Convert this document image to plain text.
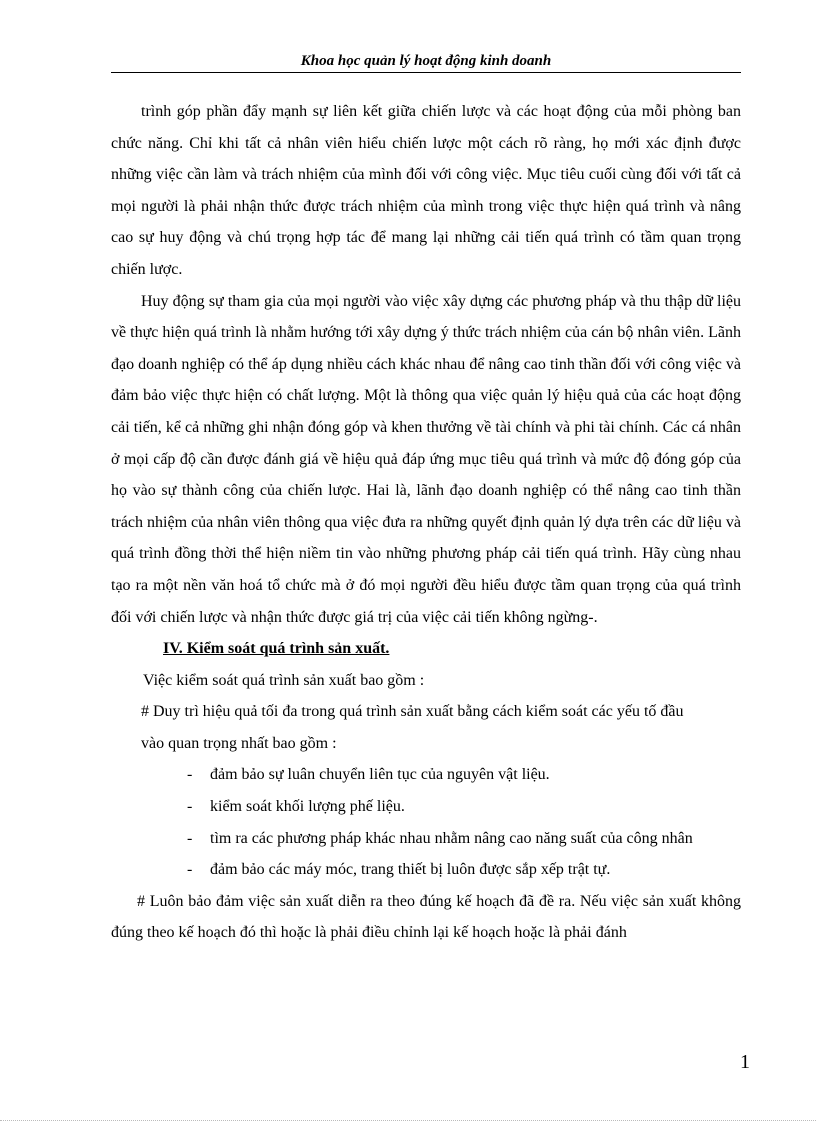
Khoa học quản lý hoạt động kinh doanh

trình góp phần đẩy mạnh sự liên kết giữa chiến lược và các hoạt động của mỗi phòng ban chức năng. Chỉ khi tất cả nhân viên hiểu chiến lược một cách rõ ràng, họ mới xác định được những việc cần làm và trách nhiệm của mình đối với công việc. Mục tiêu cuối cùng đối với tất cả mọi người là phải nhận thức được trách nhiệm của mình trong việc thực hiện quá trình và nâng cao sự huy động và chú trọng hợp tác để mang lại những cải tiến quá trình có tầm quan trọng chiến lược.

Huy động sự tham gia của mọi người vào việc xây dựng các phương pháp và thu thập dữ liệu về thực hiện quá trình là nhằm hướng tới xây dựng ý thức trách nhiệm của cán bộ nhân viên. Lãnh đạo doanh nghiệp có thể áp dụng nhiều cách khác nhau để nâng cao tinh thần đối với công việc và đảm bảo việc thực hiện có chất lượng. Một là thông qua việc quản lý hiệu quả của các hoạt động cải tiến, kể cả những ghi nhận đóng góp và khen thưởng về tài chính và phi tài chính. Các cá nhân ở mọi cấp độ cần được đánh giá về hiệu quả đáp ứng mục tiêu quá trình và mức độ đóng góp của họ vào sự thành công của chiến lược. Hai là, lãnh đạo doanh nghiệp có thể nâng cao tinh thần trách nhiệm của nhân viên thông qua việc đưa ra những quyết định quản lý dựa trên các dữ liệu và quá trình đồng thời thể hiện niềm tin vào những phương pháp cải tiến quá trình. Hãy cùng nhau tạo ra một nền văn hoá tổ chức mà ở đó mọi người đều hiểu được tầm quan trọng của quá trình đối với chiến lược và nhận thức được giá trị của việc cải tiến không ngừng-.

IV. Kiểm soát quá trình sản xuất.

Việc kiểm soát quá trình sản xuất bao gồm :

# Duy trì hiệu quả tối đa trong quá trình sản xuất bằng cách kiểm soát các yếu tố đầu
vào quan trọng nhất bao gồm :

- đảm bảo sự luân chuyển liên tục của nguyên vật liệu.
- kiểm soát khối lượng phế liệu.
- tìm ra các phương pháp khác nhau nhằm nâng cao năng suất của công nhân
- đảm bảo các máy móc, trang thiết bị luôn được sắp xếp trật tự.

# Luôn bảo đảm việc sản xuất diễn ra theo đúng kế hoạch đã đề ra. Nếu việc sản xuất không đúng theo kế hoạch đó thì hoặc là phải điều chỉnh lại kế hoạch hoặc là phải đánh

1
